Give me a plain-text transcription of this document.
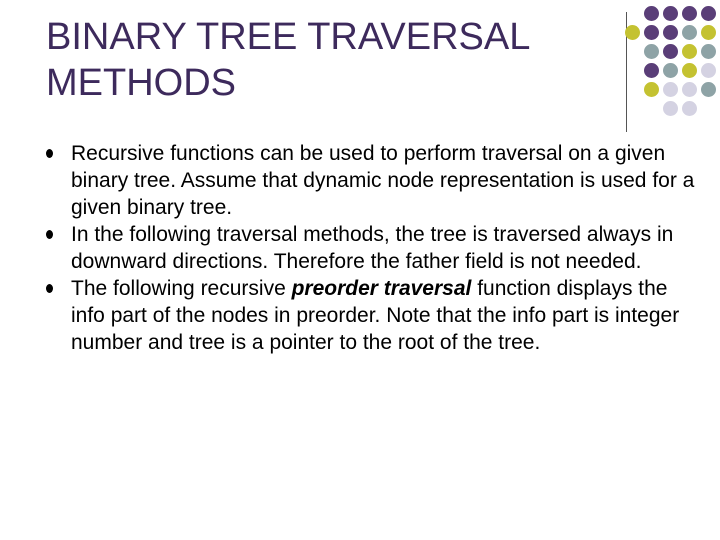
BINARY TREE TRAVERSAL
METHODS
Recursive functions can be used to perform traversal on a given binary tree. Assume that dynamic node representation is used for a given binary tree.
In the following traversal methods, the tree is traversed always in downward directions. Therefore the father field is not needed.
The following recursive preorder traversal function displays the info part of the nodes in preorder. Note that the info part is integer number and tree is a pointer to the root of the tree.
